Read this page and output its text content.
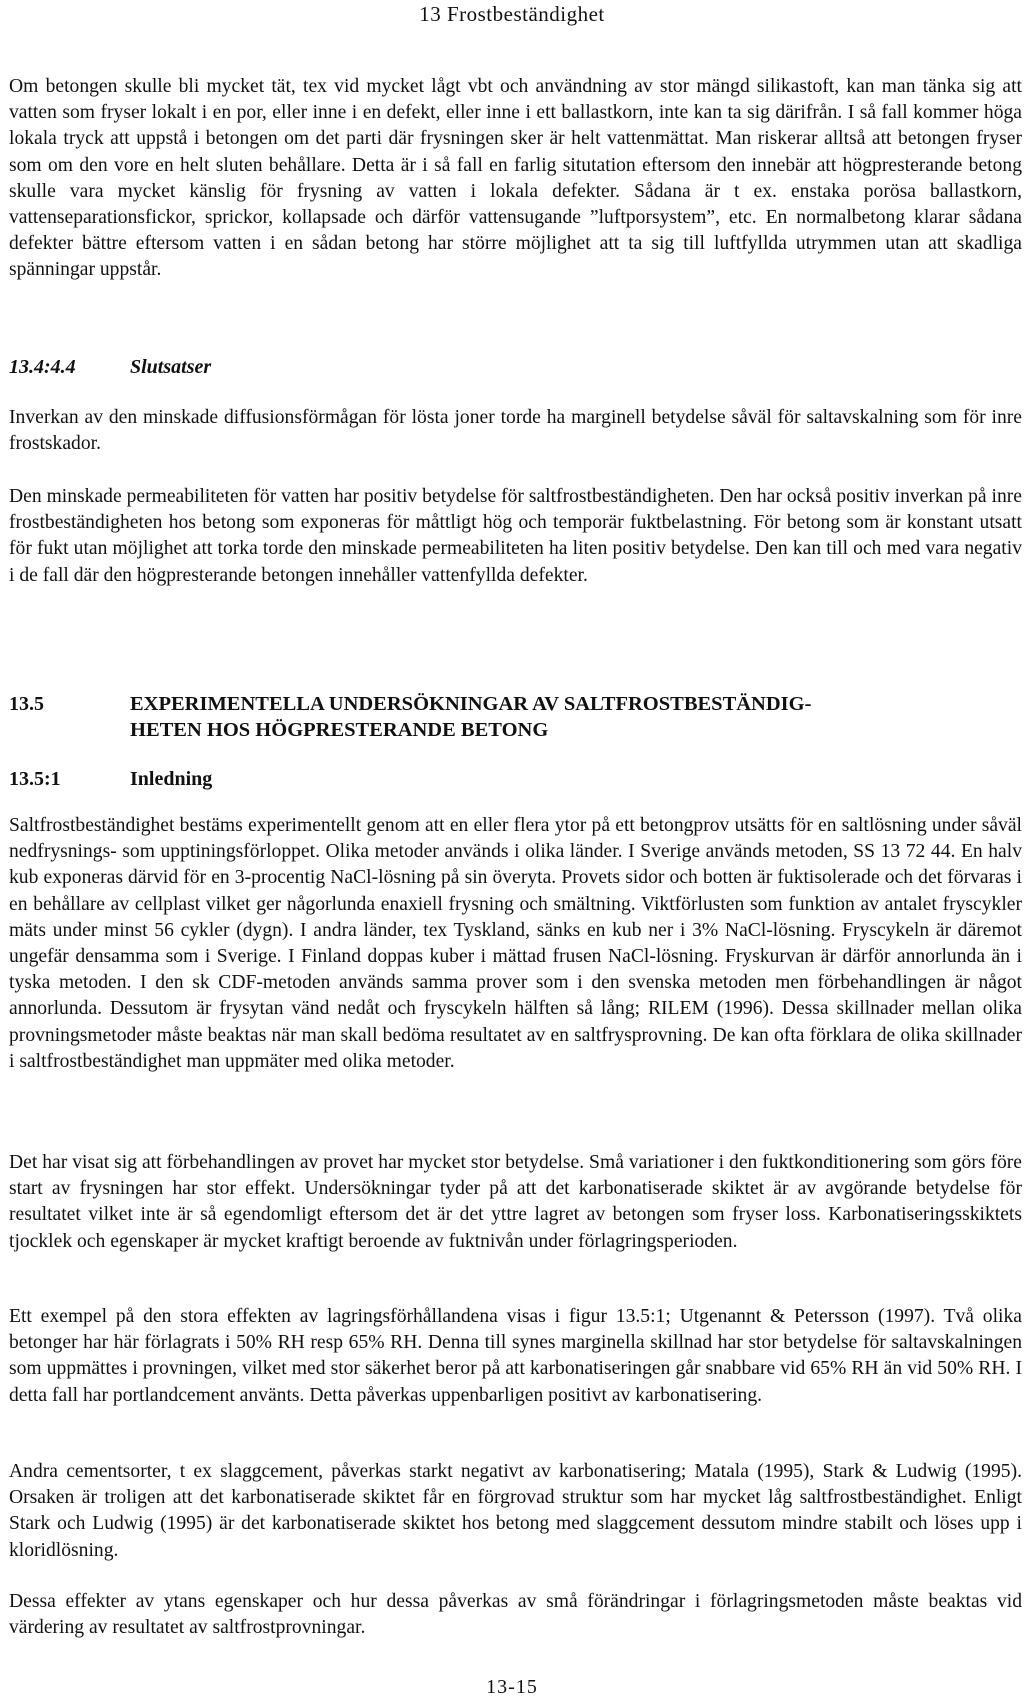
13 Frostbeständighet

Om betongen skulle bli mycket tät, tex vid mycket lågt vbt och användning av stor mängd silikastoft, kan man tänka sig att vatten som fryser lokalt i en por, eller inne i en defekt, eller inne i ett ballastkorn, inte kan ta sig därifrån. I så fall kommer höga lokala tryck att uppstå i betongen om det parti där frysningen sker är helt vattenmättat. Man riskerar alltså att betongen fryser som om den vore en helt sluten behållare. Detta är i så fall en farlig situtation eftersom den innebär att högpresterande betong skulle vara mycket känslig för frysning av vatten i lokala defekter. Sådana är t ex. enstaka porösa ballastkorn, vattenseparationsfickor, sprickor, kollapsade och därför vattensugande ”luftporsystem”, etc. En normalbetong klarar sådana defekter bättre eftersom vatten i en sådan betong har större möjlighet att ta sig till luftfyllda utrymmen utan att skadliga spänningar uppstår.

13.4:4.4	Slutsatser

Inverkan av den minskade diffusionsförmågan för lösta joner torde ha marginell betydelse såväl för saltavskalning som för inre frostskador.

Den minskade permeabiliteten för vatten har positiv betydelse för saltfrostbeständigheten. Den har också positiv inverkan på inre frostbeständigheten hos betong som exponeras för måttligt hög och temporär fuktbelastning. För betong som är konstant utsatt för fukt utan möjlighet att torka torde den minskade permeabiliteten ha liten positiv betydelse. Den kan till och med vara negativ i de fall där den högpresterande betongen innehåller vattenfyllda defekter.

13.5	EXPERIMENTELLA UNDERSÖKNINGAR AV SALTFROSTBESTÄNDIG-
HETEN HOS HÖGPRESTERANDE BETONG
13.5:1	Inledning

Saltfrostbeständighet bestäms experimentellt genom att en eller flera ytor på ett betongprov utsätts för en saltlösning under såväl nedfrysnings- som upptiningsförloppet. Olika metoder används i olika länder. I Sverige används metoden, SS 13 72 44. En halv kub exponeras därvid för en 3-procentig NaCl-lösning på sin överyta. Provets sidor och botten är fuktisolerade och det förvaras i en behållare av cellplast vilket ger någorlunda enaxiell frysning och smältning. Viktförlusten som funktion av antalet fryscykler mäts under minst 56 cykler (dygn). I andra länder, tex Tyskland, sänks en kub ner i 3% NaCl-lösning. Fryscykeln är däremot ungefär densamma som i Sverige. I Finland doppas kuber i mättad frusen NaCl-lösning. Fryskurvan är därför annorlunda än i tyska metoden. I den sk CDF-metoden används samma prover som i den svenska metoden men förbehandlingen är något annorlunda. Dessutom är frysytan vänd nedåt och fryscykeln hälften så lång; RILEM (1996). Dessa skillnader mellan olika provningsmetoder måste beaktas när man skall bedöma resultatet av en saltfrysprovning. De kan ofta förklara de olika skillnader i saltfrostbeständighet man uppmäter med olika metoder.

Det har visat sig att förbehandlingen av provet har mycket stor betydelse. Små variationer i den fuktkonditionering som görs före start av frysningen har stor effekt. Undersökningar tyder på att det karbonatiserade skiktet är av avgörande betydelse för resultatet vilket inte är så egendomligt eftersom det är det yttre lagret av betongen som fryser loss. Karbonatiseringsskiktets tjocklek och egenskaper är mycket kraftigt beroende av fuktnivån under förlagringsperioden.

Ett exempel på den stora effekten av lagringsförhållandena visas i figur 13.5:1; Utgenannt & Petersson (1997). Två olika betonger har här förlagrats i 50% RH resp 65% RH. Denna till synes marginella skillnad har stor betydelse för saltavskalningen som uppmättes i provningen, vilket med stor säkerhet beror på att karbonatiseringen går snabbare vid 65% RH än vid 50% RH. I detta fall har portlandcement använts. Detta påverkas uppenbarligen positivt av karbonatisering.

Andra cementsorter, t ex slaggcement, påverkas starkt negativt av karbonatisering; Matala (1995), Stark & Ludwig (1995). Orsaken är troligen att det karbonatiserade skiktet får en förgrovad struktur som har mycket låg saltfrostbeständighet. Enligt Stark och Ludwig (1995) är det karbonatiserade skiktet hos betong med slaggcement dessutom mindre stabilt och löses upp i kloridlösning.

Dessa effekter av ytans egenskaper och hur dessa påverkas av små förändringar i förlagringsmetoden måste beaktas vid värdering av resultatet av saltfrostprovningar.

13-15
